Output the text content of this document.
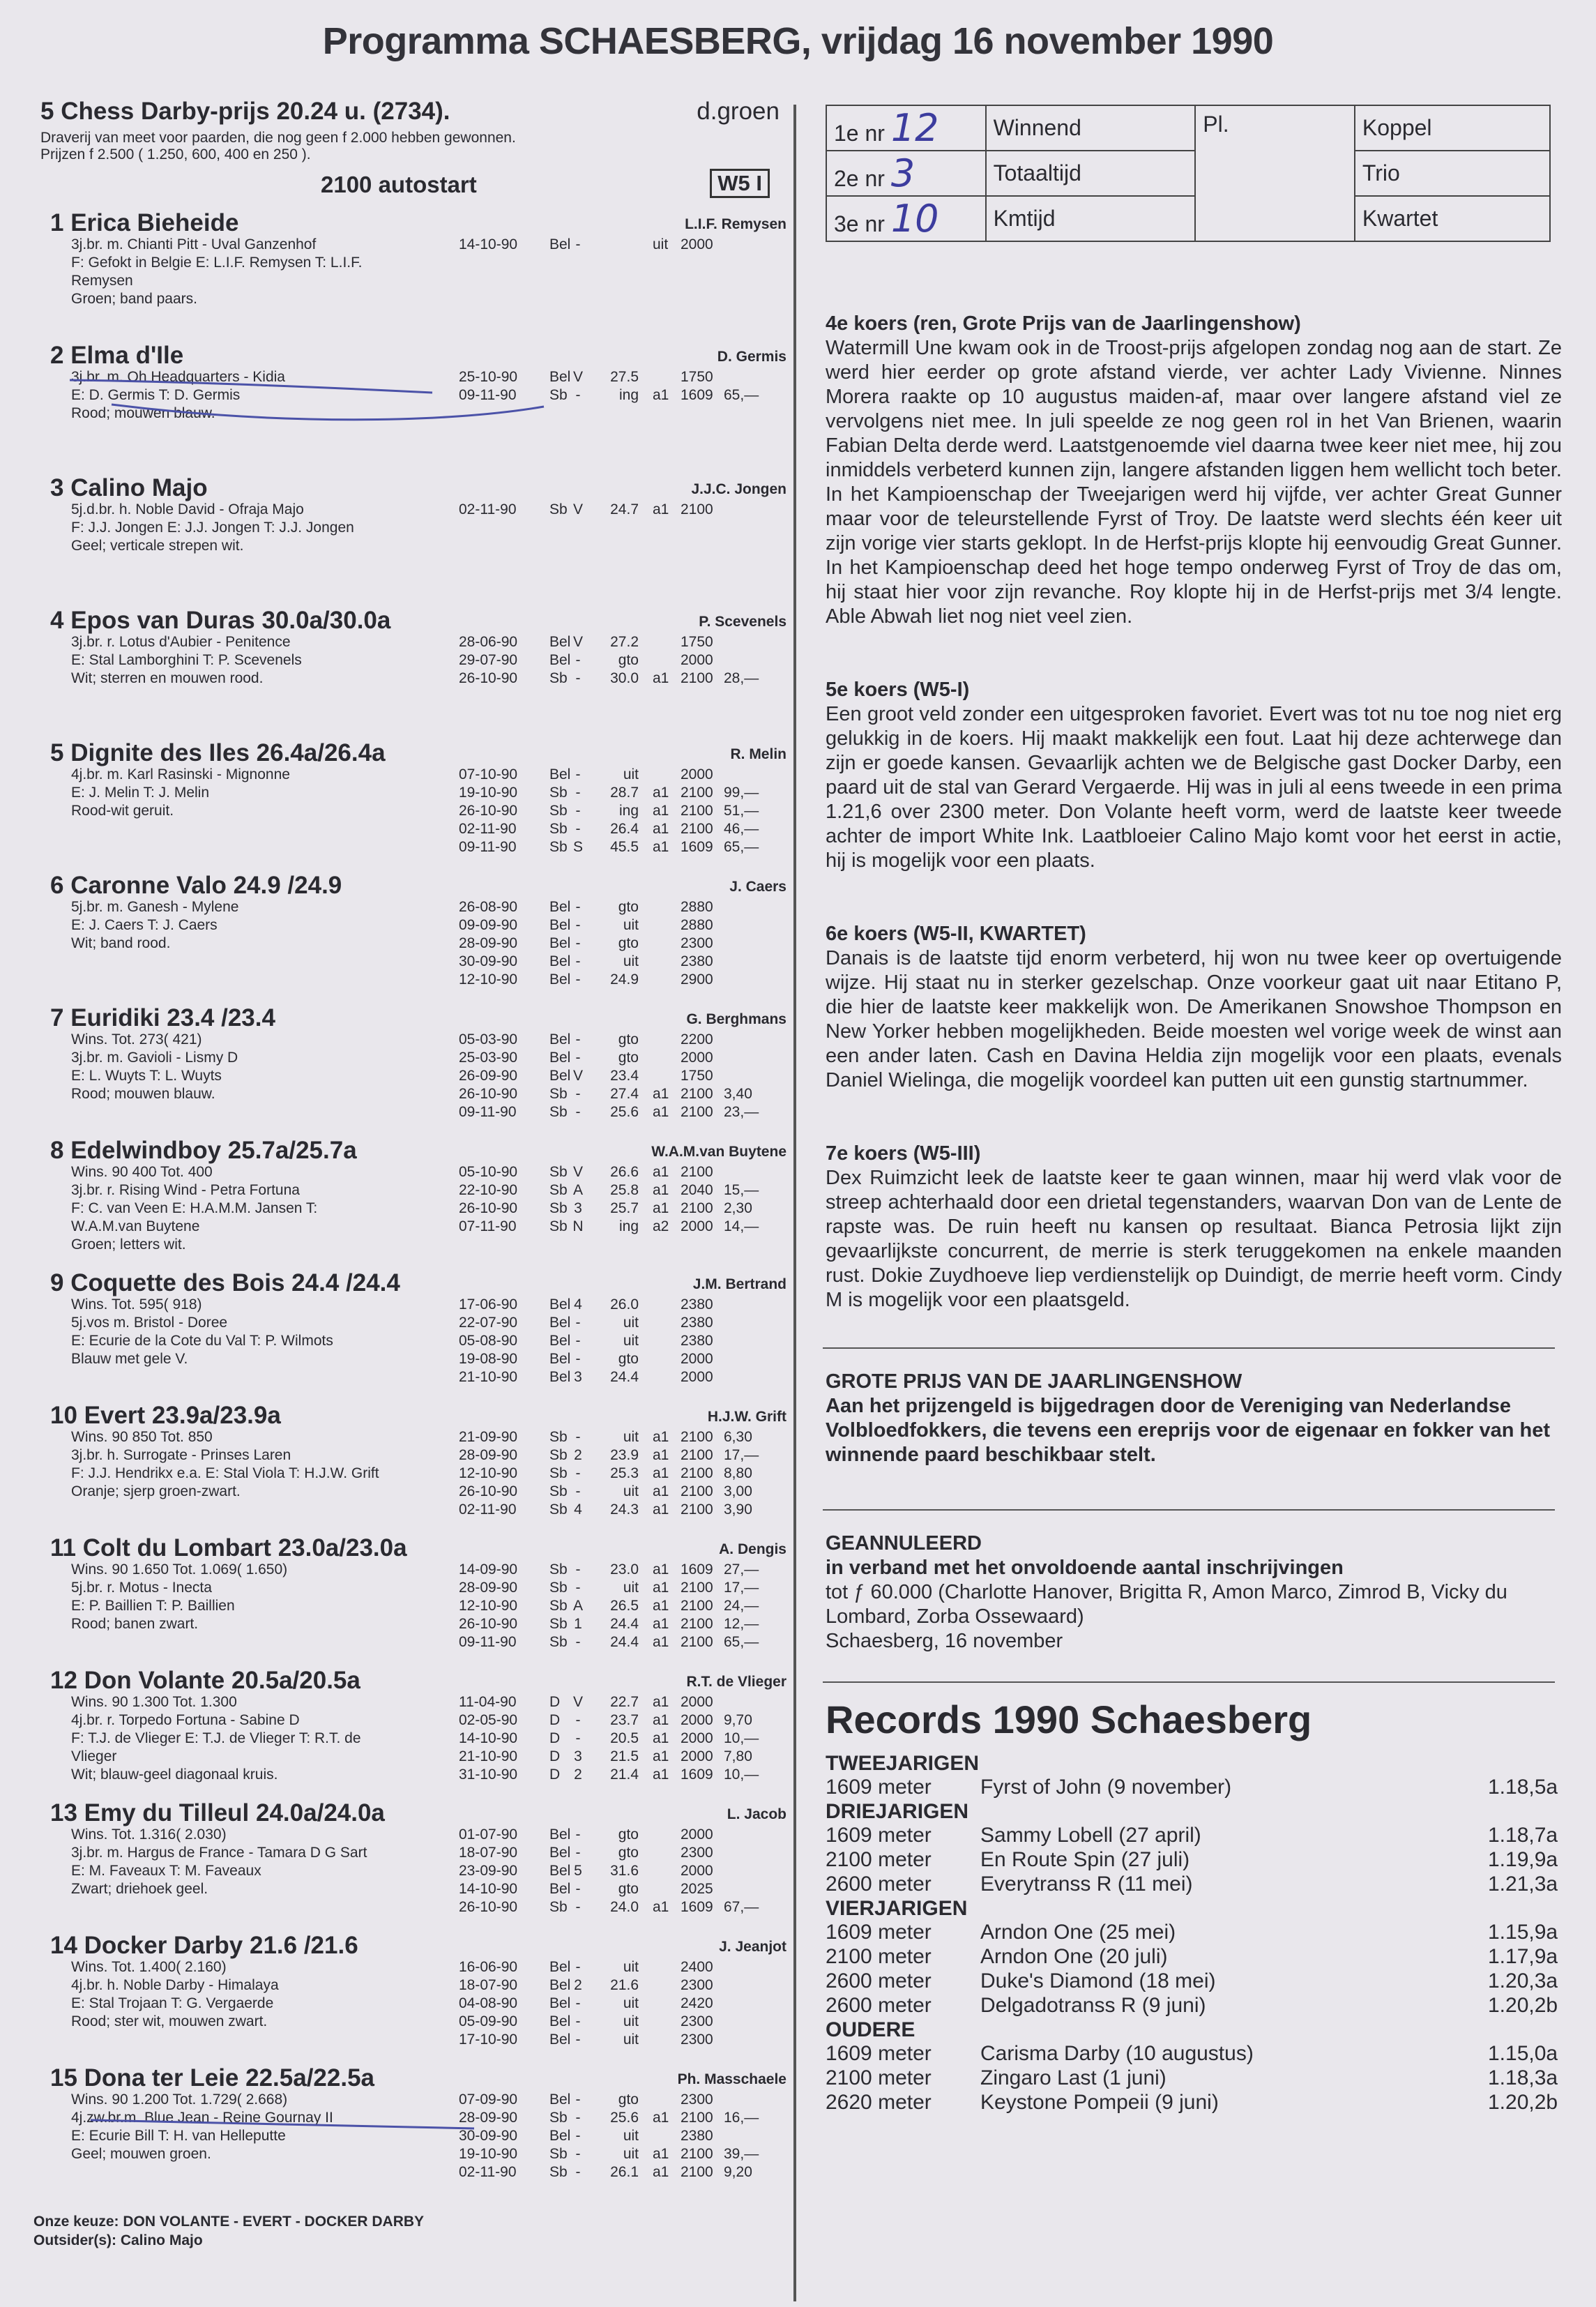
Programma SCHAESBERG, vrijdag 16 november 1990
5 Chess Darby-prijs 20.24 u. (2734).	d.groen
Draverij van meet voor paarden, die nog geen f 2.000 hebben gewonnen.
Prijzen f 2.500 ( 1.250, 600, 400 en 250 ).
2100 autostart	W5 I
1 Erica Bieheide	L.I.F. Remysen
3j.br. m. Chianti Pitt - Uval Ganzenhof
F: Gefokt in Belgie E: L.I.F. Remysen T: L.I.F.
Remysen
Groen; band paars.
14-10-90 Bel -	uit 2000
2 Elma d'Ile	D. Germis
3j.br. m. Oh Headquarters - Kidia
E: D. Germis T: D. Germis
Rood; mouwen blauw.
25-10-90 Bel V	27.5	1750
09-11-90 Sb -	ing a1 1609 65,—
3 Calino Majo	J.J.C. Jongen
5j.d.br. h. Noble David - Ofraja Majo
F: J.J. Jongen E: J.J. Jongen T: J.J. Jongen
Geel; verticale strepen wit.
02-11-90 Sb V	24.7 a1 2100
4 Epos van Duras 30.0a/30.0a	P. Scevenels
3j.br. r. Lotus d'Aubier - Penitence
E: Stal Lamborghini T: P. Scevenels
Wit; sterren en mouwen rood.
28-06-90 Bel V	27.2	1750
29-07-90 Bel -	gto	2000
26-10-90 Sb -	30.0 a1 2100 28,—
5 Dignite des Iles 26.4a/26.4a	R. Melin
4j.br. m. Karl Rasinski - Mignonne
E: J. Melin T: J. Melin
Rood-wit geruit.
07-10-90 Bel -	uit	2000
19-10-90 Sb -	28.7 a1 2100 99,—
26-10-90 Sb -	ing a1 2100 51,—
02-11-90 Sb -	26.4 a1 2100 46,—
09-11-90 Sb S	45.5 a1 1609 65,—
6 Caronne Valo 24.9 /24.9	J. Caers
5j.br. m. Ganesh - Mylene
E: J. Caers T: J. Caers
Wit; band rood.
26-08-90 Bel -	gto	2880
09-09-90 Bel -	uit	2880
28-09-90 Bel -	gto	2300
30-09-90 Bel -	uit	2380
12-10-90 Bel -	24.9	2900
7 Euridiki 23.4 /23.4	G. Berghmans
Wins. Tot. 273( 421)
3j.br. m. Gavioli - Lismy D
E: L. Wuyts T: L. Wuyts
Rood; mouwen blauw.
05-03-90 Bel -	gto	2200
25-03-90 Bel -	gto	2000
26-09-90 Bel V	23.4	1750
26-10-90 Sb -	27.4 a1 2100 3,40
09-11-90 Sb -	25.6 a1 2100 23,—
8 Edelwindboy 25.7a/25.7a	W.A.M.van Buytene
Wins. 90 400 Tot. 400
3j.br. r. Rising Wind - Petra Fortuna
F: C. van Veen E: H.A.M.M. Jansen T:
W.A.M.van Buytene
Groen; letters wit.
05-10-90 Sb V	26.6 a1 2100
22-10-90 Sb A	25.8 a1 2040 15,—
26-10-90 Sb 3	25.7 a1 2100 2,30
07-11-90 Sb N	ing a2 2000 14,—
9 Coquette des Bois 24.4 /24.4	J.M. Bertrand
Wins. Tot. 595( 918)
5j.vos m. Bristol - Doree
E: Ecurie de la Cote du Val T: P. Wilmots
Blauw met gele V.
17-06-90 Bel 4	26.0	2380
22-07-90 Bel -	uit	2380
05-08-90 Bel -	uit	2380
19-08-90 Bel -	gto	2000
21-10-90 Bel 3	24.4	2000
10 Evert 23.9a/23.9a	H.J.W. Grift
Wins. 90 850 Tot. 850
3j.br. h. Surrogate - Prinses Laren
F: J.J. Hendrikx e.a. E: Stal Viola T: H.J.W. Grift
Oranje; sjerp groen-zwart.
21-09-90 Sb -	uit a1 2100 6,30
28-09-90 Sb 2	23.9 a1 2100 17,—
12-10-90 Sb -	25.3 a1 2100 8,80
26-10-90 Sb -	uit a1 2100 3,00
02-11-90 Sb 4	24.3 a1 2100 3,90
11 Colt du Lombart 23.0a/23.0a	A. Dengis
Wins. 90 1.650 Tot. 1.069( 1.650)
5j.br. r. Motus - Inecta
E: P. Baillien T: P. Baillien
Rood; banen zwart.
14-09-90 Sb -	23.0 a1 1609 27,—
28-09-90 Sb -	uit a1 2100 17,—
12-10-90 Sb A	26.5 a1 2100 24,—
26-10-90 Sb 1	24.4 a1 2100 12,—
09-11-90 Sb -	24.4 a1 2100 65,—
12 Don Volante 20.5a/20.5a	R.T. de Vlieger
Wins. 90 1.300 Tot. 1.300
4j.br. r. Torpedo Fortuna - Sabine D
F: T.J. de Vlieger E: T.J. de Vlieger T: R.T. de
Vlieger
Wit; blauw-geel diagonaal kruis.
11-04-90 D V	22.7 a1 2000
02-05-90 D	-	23.7 a1 2000 9,70
14-10-90 D	-	20.5 a1 2000 10,—
21-10-90 D 3	21.5 a1 2000 7,80
31-10-90 D 2	21.4 a1 1609 10,—
13 Emy du Tilleul 24.0a/24.0a	L. Jacob
Wins. Tot. 1.316( 2.030)
3j.br. m. Hargus de France - Tamara D G Sart
E: M. Faveaux T: M. Faveaux
Zwart; driehoek geel.
01-07-90 Bel -	gto	2000
18-07-90 Bel -	gto	2300
23-09-90 Bel 5	31.6	2000
14-10-90 Bel -	gto	2025
26-10-90 Sb -	24.0 a1 1609 67,—
14 Docker Darby 21.6 /21.6	J. Jeanjot
Wins. Tot. 1.400( 2.160)
4j.br. h. Noble Darby - Himalaya
E: Stal Trojaan T: G. Vergaerde
Rood; ster wit, mouwen zwart.
16-06-90 Bel -	uit	2400
18-07-90 Bel 2	21.6	2300
04-08-90 Bel -	uit	2420
05-09-90 Bel -	uit	2300
17-10-90 Bel -	uit	2300
15 Dona ter Leie 22.5a/22.5a	Ph. Masschaele
Wins. 90 1.200 Tot. 1.729( 2.668)
4j.zw.br.m. Blue Jean - Reine Gournay II
E: Ecurie Bill T: H. van Helleputte
Geel; mouwen groen.
07-09-90 Bel -	gto	2300
28-09-90 Sb -	25.6 a1 2100 16,—
30-09-90 Bel -	uit	2380
19-10-90 Sb -	uit a1 2100 39,—
02-11-90 Sb -	26.1 a1 2100 9,20
Onze keuze: DON VOLANTE - EVERT - DOCKER DARBY
Outsider(s): Calino Majo
1e nr 12	Winnend	Pl.	Koppel
2e nr 3	Totaaltijd		Trio
3e nr 10	Kmtijd		Kwartet
4e koers (ren, Grote Prijs van de Jaarlingenshow)
Watermill Une kwam ook in de Troost-prijs afgelopen zondag nog aan de start. Ze werd hier eerder op grote afstand vierde, ver achter Lady Vivienne. Ninnes Morera raakte op 10 augustus maiden-af, maar over langere afstand viel ze vervolgens niet mee. In juli speelde ze nog geen rol in het Van Brienen, waarin Fabian Delta derde werd. Laatstgenoemde viel daarna twee keer niet mee, hij zou inmiddels verbeterd kunnen zijn, langere afstanden liggen hem wellicht toch beter. In het Kampioenschap der Tweejarigen werd hij vijfde, ver achter Great Gunner maar voor de teleurstellende Fyrst of Troy. De laatste werd slechts één keer uit zijn vorige vier starts geklopt. In de Herfst-prijs klopte hij eenvoudig Great Gunner. In het Kampioenschap deed het hoge tempo onderweg Fyrst of Troy de das om, hij staat hier voor zijn revanche. Roy klopte hij in de Herfst-prijs met 3/4 lengte. Able Abwah liet nog niet veel zien.
5e koers (W5-I)
Een groot veld zonder een uitgesproken favoriet. Evert was tot nu toe nog niet erg gelukkig in de koers. Hij maakt makkelijk een fout. Laat hij deze achterwege dan zijn er goede kansen. Gevaarlijk achten we de Belgische gast Docker Darby, een paard uit de stal van Gerard Vergaerde. Hij was in juli al eens tweede in een prima 1.21,6 over 2300 meter. Don Volante heeft vorm, werd de laatste keer tweede achter de import White Ink. Laatbloeier Calino Majo komt voor het eerst in actie, hij is mogelijk voor een plaats.
6e koers (W5-II, KWARTET)
Danais is de laatste tijd enorm verbeterd, hij won nu twee keer op overtuigende wijze. Hij staat nu in sterker gezelschap. Onze voorkeur gaat uit naar Etitano P, die hier de laatste keer makkelijk won. De Amerikanen Snowshoe Thompson en New Yorker hebben mogelijkheden. Beide moesten wel vorige week de winst aan een ander laten. Cash en Davina Heldia zijn mogelijk voor een plaats, evenals Daniel Wielinga, die mogelijk voordeel kan putten uit een gunstig startnummer.
7e koers (W5-III)
Dex Ruimzicht leek de laatste keer te gaan winnen, maar hij werd vlak voor de streep achterhaald door een drietal tegenstanders, waarvan Don van de Lente de rapste was. De ruin heeft nu kansen op resultaat. Bianca Petrosia lijkt zijn gevaarlijkste concurrent, de merrie is sterk teruggekomen na enkele maanden rust. Dokie Zuydhoeve liep verdienstelijk op Duindigt, de merrie heeft vorm. Cindy M is mogelijk voor een plaatsgeld.
GROTE PRIJS VAN DE JAARLINGENSHOW
Aan het prijzengeld is bijgedragen door de Vereniging van Nederlandse Volbloedfokkers, die tevens een ereprijs voor de eigenaar en fokker van het winnende paard beschikbaar stelt.
GEANNULEERD
in verband met het onvoldoende aantal inschrijvingen
tot ƒ 60.000 (Charlotte Hanover, Brigitta R, Amon Marco, Zimrod B, Vicky du Lombard, Zorba Ossewaard)
Schaesberg, 16 november
Records 1990 Schaesberg
TWEEJARIGEN
1609 meter Fyrst of John (9 november)	1.18,5a
DRIEJARIGEN
1609 meter Sammy Lobell (27 april)	1.18,7a
2100 meter En Route Spin (27 juli)	1.19,9a
2600 meter Everytranss R (11 mei)	1.21,3a
VIERJARIGEN
1609 meter Arndon One (25 mei)	1.15,9a
2100 meter Arndon One (20 juli)	1.17,9a
2600 meter Duke's Diamond (18 mei)	1.20,3a
2600 meter Delgadotranss R (9 juni)	1.20,2b
OUDERE
1609 meter Carisma Darby (10 augustus)	1.15,0a
2100 meter Zingaro Last (1 juni)	1.18,3a
2620 meter Keystone Pompeii (9 juni)	1.20,2b
